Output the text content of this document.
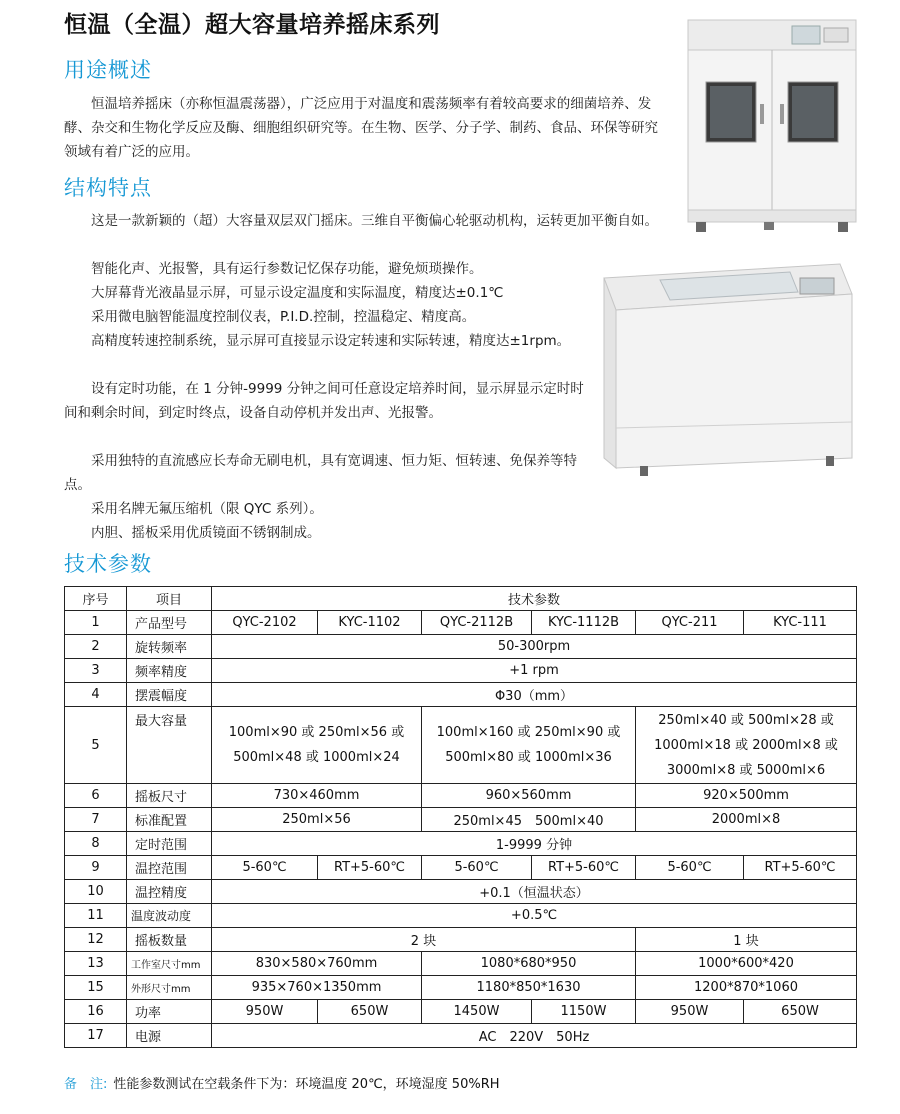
恒温（全温）超大容量培养摇床系列
用途概述

恒温培养摇床（亦称恒温震荡器），广泛应用于对温度和震荡频率有着较高要求的细菌培养、发酵、杂交和生物化学反应及酶、细胞组织研究等。在生物、医学、分子学、制药、食品、环保等研究领域有着广泛的应用。

结构特点

这是一款新颖的（超）大容量双层双门摇床。三维自平衡偏心轮驱动机构，运转更加平衡自如。

智能化声、光报警，具有运行参数记忆保存功能，避免烦琐操作。

大屏幕背光液晶显示屏，可显示设定温度和实际温度，精度达±0.1℃

采用微电脑智能温度控制仪表，P.I.D.控制，控温稳定、精度高。

高精度转速控制系统，显示屏可直接显示设定转速和实际转速，精度达±1rpm。

设有定时功能，在 1 分钟-9999 分钟之间可任意设定培养时间，显示屏显示定时时间和剩余时间，到定时终点，设备自动停机并发出声、光报警。

采用独特的直流感应长寿命无刷电机，具有宽调速、恒力矩、恒转速、免保养等特点。

采用名牌无氟压缩机（限 QYC 系列）。

内胆、摇板采用优质镜面不锈钢制成。

技术参数
序号	项目	技术参数					
1	产品型号	QYC-2102	KYC-1102	QYC-2112B	KYC-1112B	QYC-211	KYC-111
2	旋转频率	50-300rpm					
3	频率精度	+1 rpm					
4	摆震幅度	Φ30（mm）					
5	最大容量	100ml×90 或 250ml×56 或 500ml×48 或 1000ml×24		100ml×160 或 250ml×90 或 500ml×80 或 1000ml×36		250ml×40 或 500ml×28 或 1000ml×18 或 2000ml×8 或 3000ml×8 或 5000ml×6	
6	摇板尺寸	730×460mm		960×560mm		920×500mm	
7	标准配置	250ml×56		250ml×45　500ml×40		2000ml×8	
8	定时范围	1-9999 分钟					
9	温控范围	5-60℃	RT+5-60℃	5-60℃	RT+5-60℃	5-60℃	RT+5-60℃
10	温控精度	+0.1（恒温状态）					
11	温度波动度	+0.5℃					
12	摇板数量	2 块				1 块	
13	工作室尺寸mm	830×580×760mm		1080*680*950		1000*600*420	
15	外形尺寸mm	935×760×1350mm		1180*850*1630		1200*870*1060	
16	功率	950W	650W	1450W	1150W	950W	650W
17	电源	AC　220V　50Hz					
备　注: 性能参数测试在空载条件下为：环境温度 20℃，环境湿度 50%RH
